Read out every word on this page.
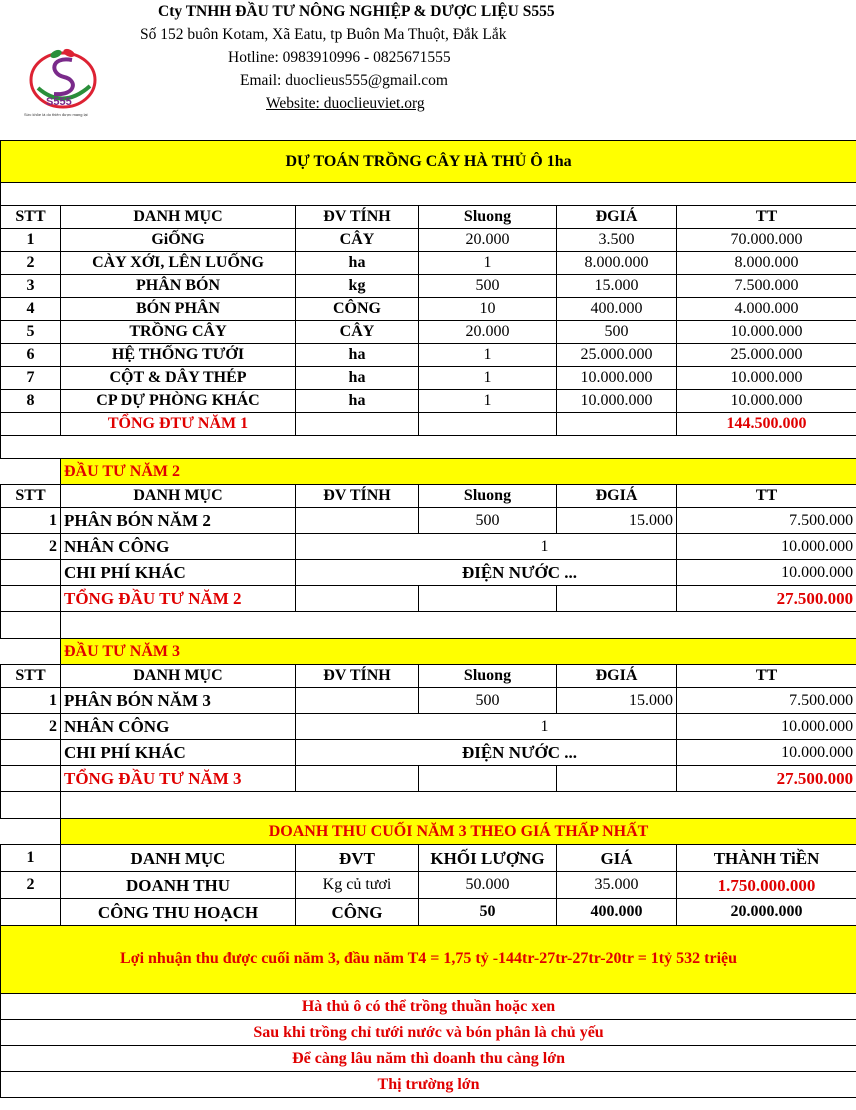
S555
Sức khỏe là do thiên được mang lại
Cty TNHH ĐẦU TƯ NÔNG NGHIỆP & DƯỢC LIỆU S555
Số 152 buôn Kotam, Xã Eatu, tp Buôn Ma Thuột, Đắk Lắk
Hotline: 0983910996 - 0825671555
Email: duoclieus555@gmail.com
Website: duoclieuviet.org
DỰ TOÁN TRỒNG CÂY HÀ THỦ Ô 1ha					

STT	DANH MỤC	ĐV TÍNH	Sluong	ĐGIÁ	TT
1	GiỐNG	CÂY	20.000	3.500	70.000.000
2	CÀY XỚI, LÊN LUỐNG	ha	1	8.000.000	8.000.000
3	PHÂN BÓN	kg	500	15.000	7.500.000
4	BÓN PHÂN	CÔNG	10	400.000	4.000.000
5	TRỒNG CÂY	CÂY	20.000	500	10.000.000
6	HỆ THỐNG TƯỚI	ha	1	25.000.000	25.000.000
7	CỘT & DÂY THÉP	ha	1	10.000.000	10.000.000
8	CP DỰ PHÒNG KHÁC	ha	1	10.000.000	10.000.000
	TỔNG ĐTƯ NĂM 1				144.500.000

	ĐẦU TƯ NĂM 2				
STT	DANH MỤC	ĐV TÍNH	Sluong	ĐGIÁ	TT
1	PHÂN BÓN NĂM 2		500	15.000	7.500.000
2	NHÂN CÔNG	1			10.000.000
	CHI PHÍ KHÁC	ĐIỆN NƯỚC ...			10.000.000
	TỔNG ĐẦU TƯ NĂM 2				27.500.000

	ĐẦU TƯ NĂM 3				
STT	DANH MỤC	ĐV TÍNH	Sluong	ĐGIÁ	TT
1	PHÂN BÓN NĂM 3		500	15.000	7.500.000
2	NHÂN CÔNG	1			10.000.000
	CHI PHÍ KHÁC	ĐIỆN NƯỚC ...			10.000.000
	TỔNG ĐẦU TƯ NĂM 3				27.500.000

	DOANH THU CUỐI NĂM 3 THEO GIÁ THẤP NHẤT				
1	DANH MỤC	ĐVT	KHỐI LƯỢNG	GIÁ	THÀNH TiỀN
2	DOANH THU	Kg củ tươi	50.000	35.000	1.750.000.000
	CÔNG THU HOẠCH	CÔNG	50	400.000	20.000.000
Lợi nhuận thu được cuối năm 3, đầu năm T4 = 1,75 tỷ -144tr-27tr-27tr-20tr = 1tỷ 532 triệu					
Hà thủ ô có thể trồng thuần hoặc xen					
Sau khi trồng chỉ tưới nước và bón phân là chủ yếu					
Để càng lâu năm thì doanh thu càng lớn					
Thị trường lớn					
